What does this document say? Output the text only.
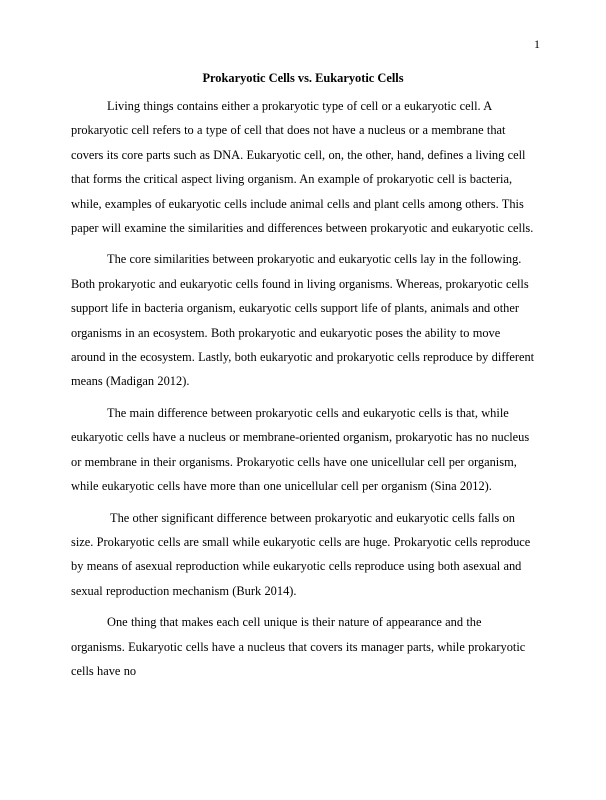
1
Prokaryotic Cells vs. Eukaryotic Cells

Living things contains either a prokaryotic type of cell or a eukaryotic cell. A prokaryotic cell refers to a type of cell that does not have a nucleus or a membrane that covers its core parts such as DNA. Eukaryotic cell, on, the other, hand, defines a living cell that forms the critical aspect living organism. An example of prokaryotic cell is bacteria, while, examples of eukaryotic cells include animal cells and plant cells among others. This paper will examine the similarities and differences between prokaryotic and eukaryotic cells.

The core similarities between prokaryotic and eukaryotic cells lay in the following. Both prokaryotic and eukaryotic cells found in living organisms. Whereas, prokaryotic cells support life in bacteria organism, eukaryotic cells support life of plants, animals and other organisms in an ecosystem. Both prokaryotic and eukaryotic poses the ability to move around in the ecosystem. Lastly, both eukaryotic and prokaryotic cells reproduce by different means (Madigan 2012).

The main difference between prokaryotic cells and eukaryotic cells is that, while eukaryotic cells have a nucleus or membrane-oriented organism, prokaryotic has no nucleus or membrane in their organisms. Prokaryotic cells have one unicellular cell per organism, while eukaryotic cells have more than one unicellular cell per organism (Sina 2012).

The other significant difference between prokaryotic and eukaryotic cells falls on size. Prokaryotic cells are small while eukaryotic cells are huge. Prokaryotic cells reproduce by means of asexual reproduction while eukaryotic cells reproduce using both asexual and sexual reproduction mechanism (Burk 2014).

One thing that makes each cell unique is their nature of appearance and the organisms. Eukaryotic cells have a nucleus that covers its manager parts, while prokaryotic cells have no
